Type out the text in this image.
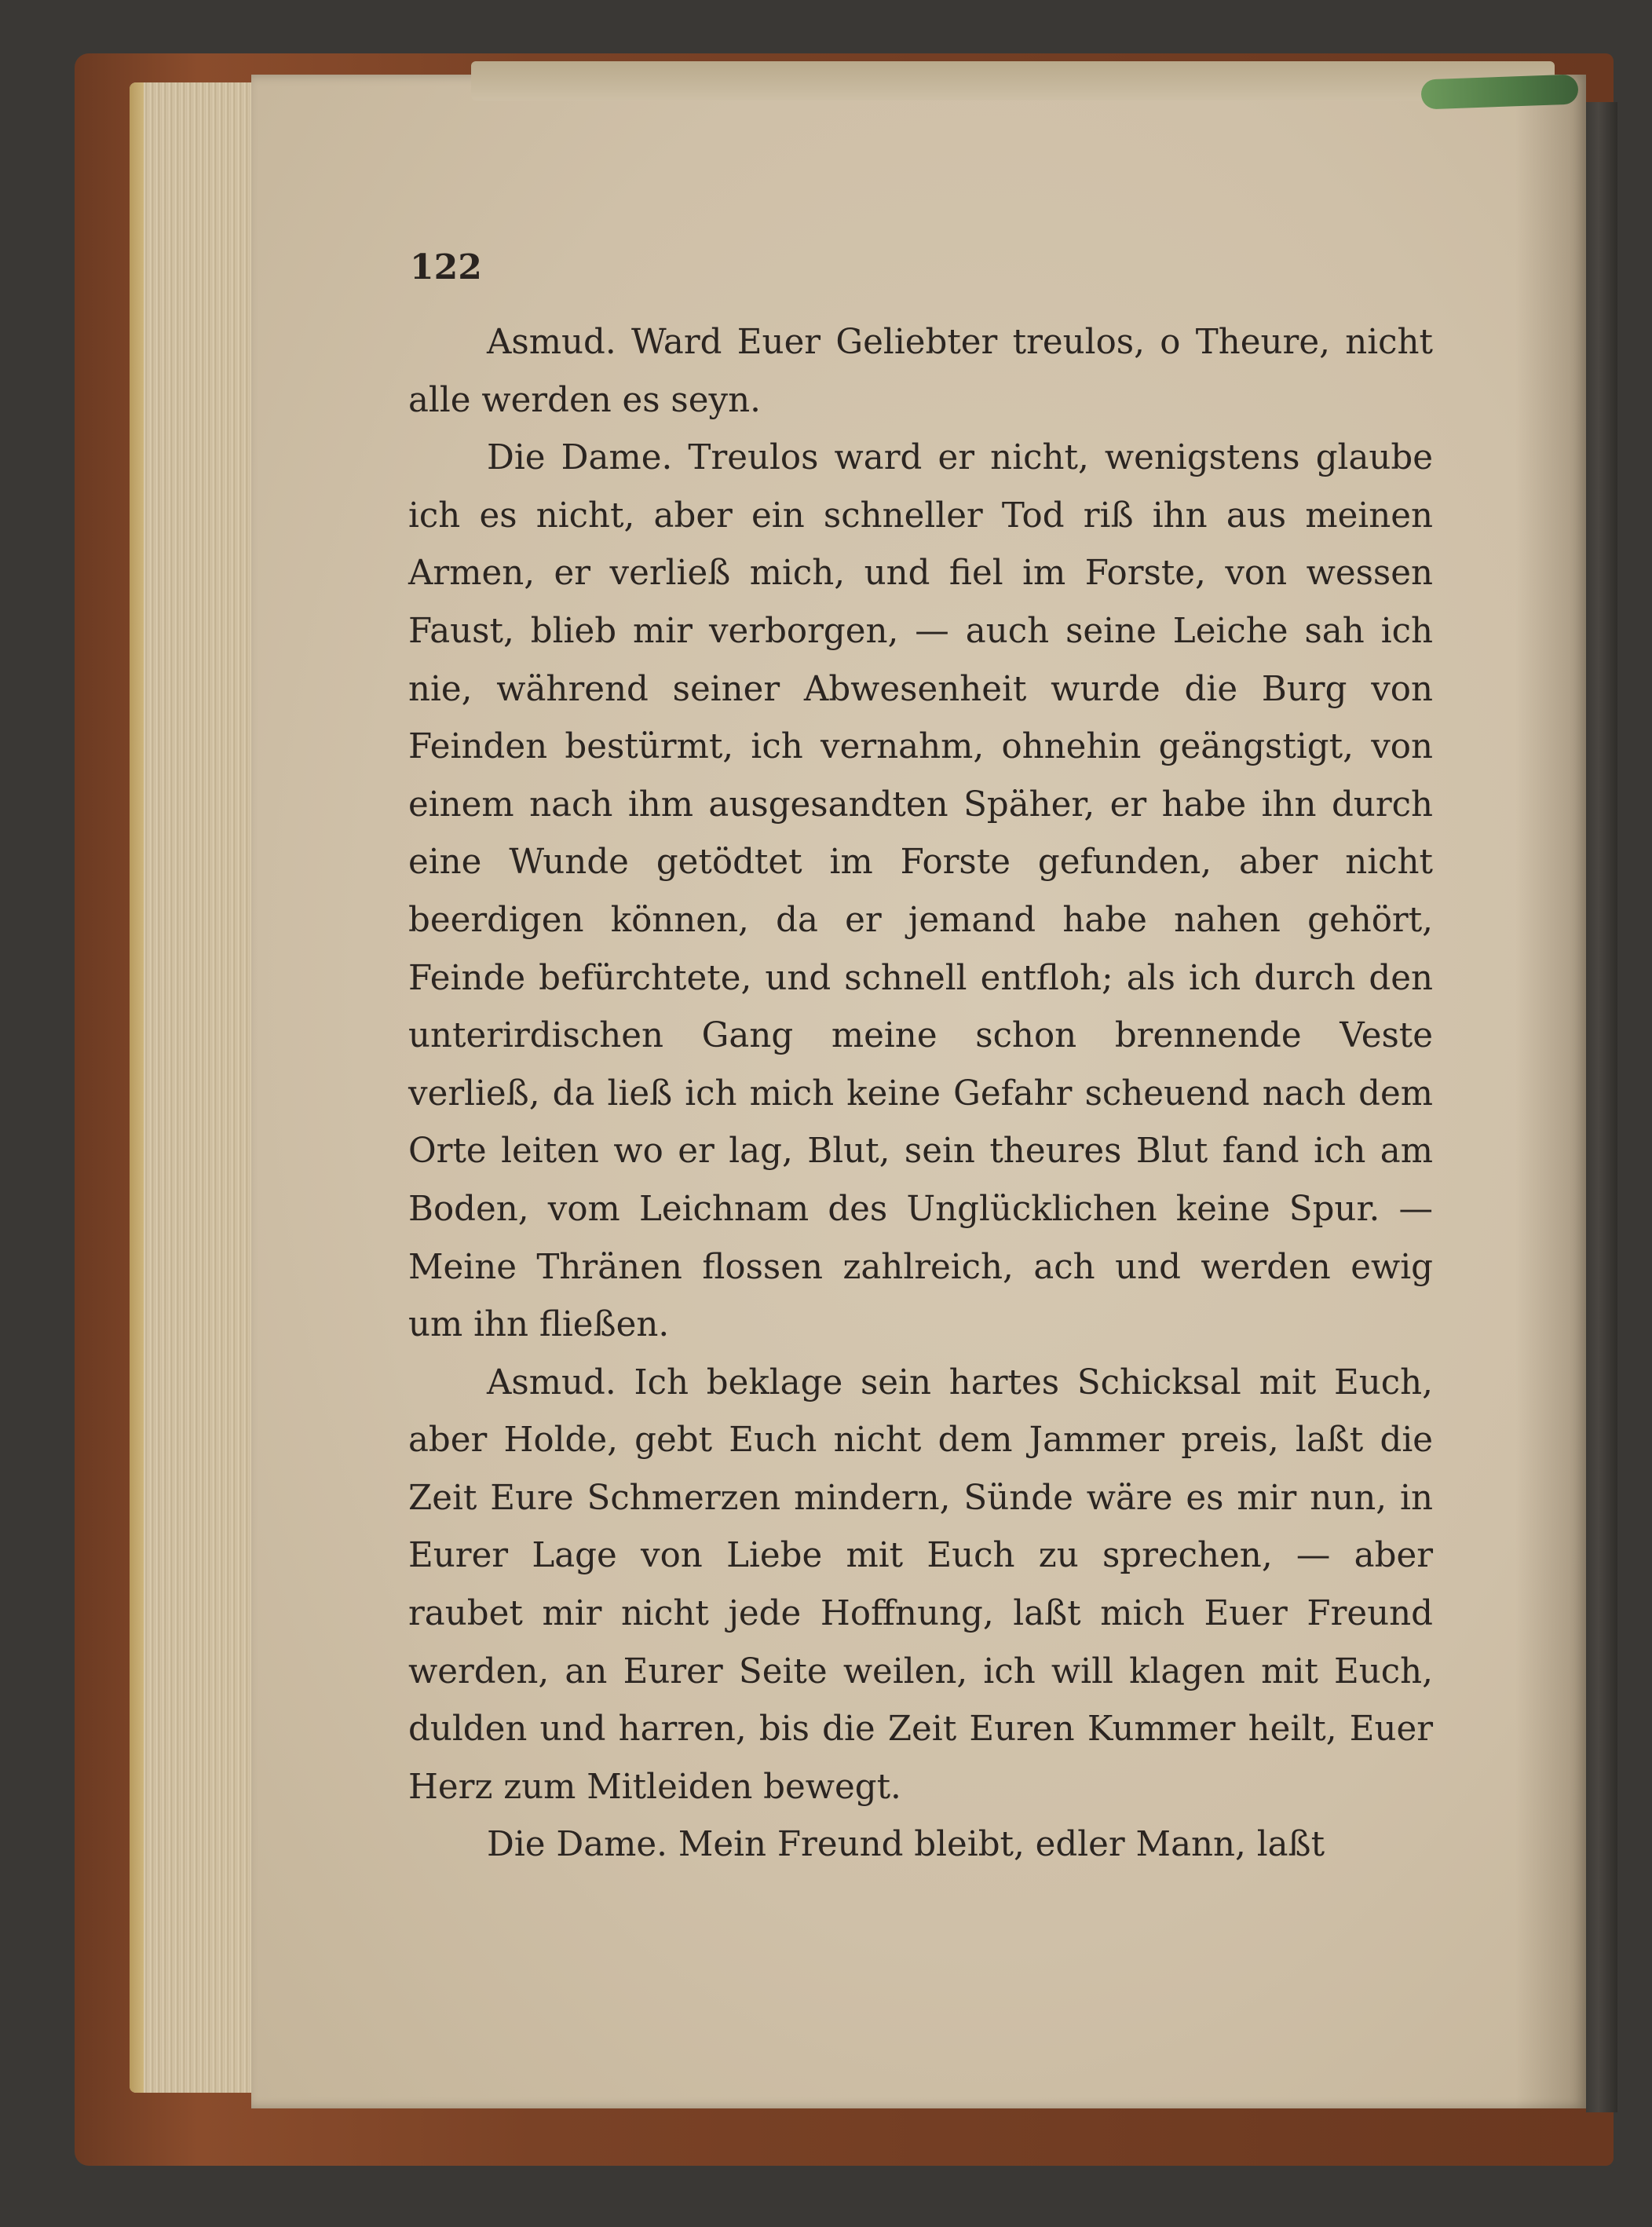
122

Asmud. Ward Euer Geliebter treulos, o Theure, nicht alle werden es seyn.

Die Dame. Treulos ward er nicht, wenigstens glaube ich es nicht, aber ein schneller Tod riß ihn aus meinen Armen, er verließ mich, und fiel im Forste, von wessen Faust, blieb mir verborgen, — auch seine Leiche sah ich nie, während seiner Abwesenheit wurde die Burg von Feinden bestürmt, ich vernahm, ohnehin geängstigt, von einem nach ihm ausgesandten Späher, er habe ihn durch eine Wunde getödtet im Forste gefunden, aber nicht beerdigen können, da er jemand habe nahen gehört, Feinde befürchtete, und schnell entfloh; als ich durch den unterirdischen Gang meine schon brennende Veste verließ, da ließ ich mich keine Gefahr scheuend nach dem Orte leiten wo er lag, Blut, sein theures Blut fand ich am Boden, vom Leichnam des Unglücklichen keine Spur. — Meine Thränen flossen zahlreich, ach und werden ewig um ihn fließen.

Asmud. Ich beklage sein hartes Schicksal mit Euch, aber Holde, gebt Euch nicht dem Jammer preis, laßt die Zeit Eure Schmerzen mindern, Sünde wäre es mir nun, in Eurer Lage von Liebe mit Euch zu sprechen, — aber raubet mir nicht jede Hoffnung, laßt mich Euer Freund werden, an Eurer Seite weilen, ich will klagen mit Euch, dulden und harren, bis die Zeit Euren Kummer heilt, Euer Herz zum Mitleiden bewegt.

Die Dame. Mein Freund bleibt, edler Mann, laßt
